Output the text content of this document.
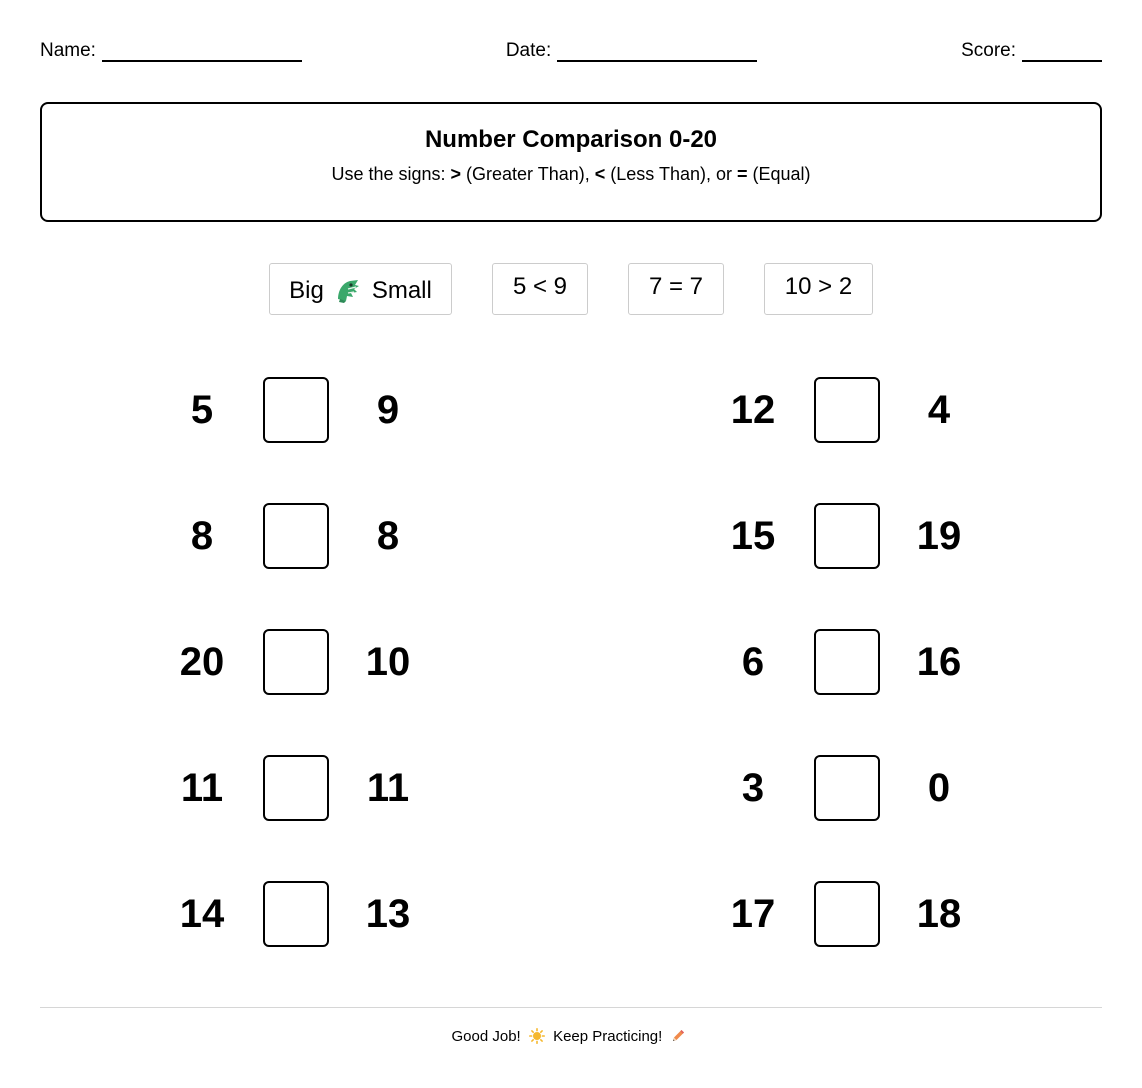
Name:	Date:	Score:
Number Comparison 0-20
Use the signs: > (Greater Than), < (Less Than), or = (Equal)
Big Small	5 < 9	7 = 7	10 > 2
5	9	12	4
8	8	15	19
20	10	6	16
11	11	3	0
14	13	17	18
Good Job! Keep Practicing!
